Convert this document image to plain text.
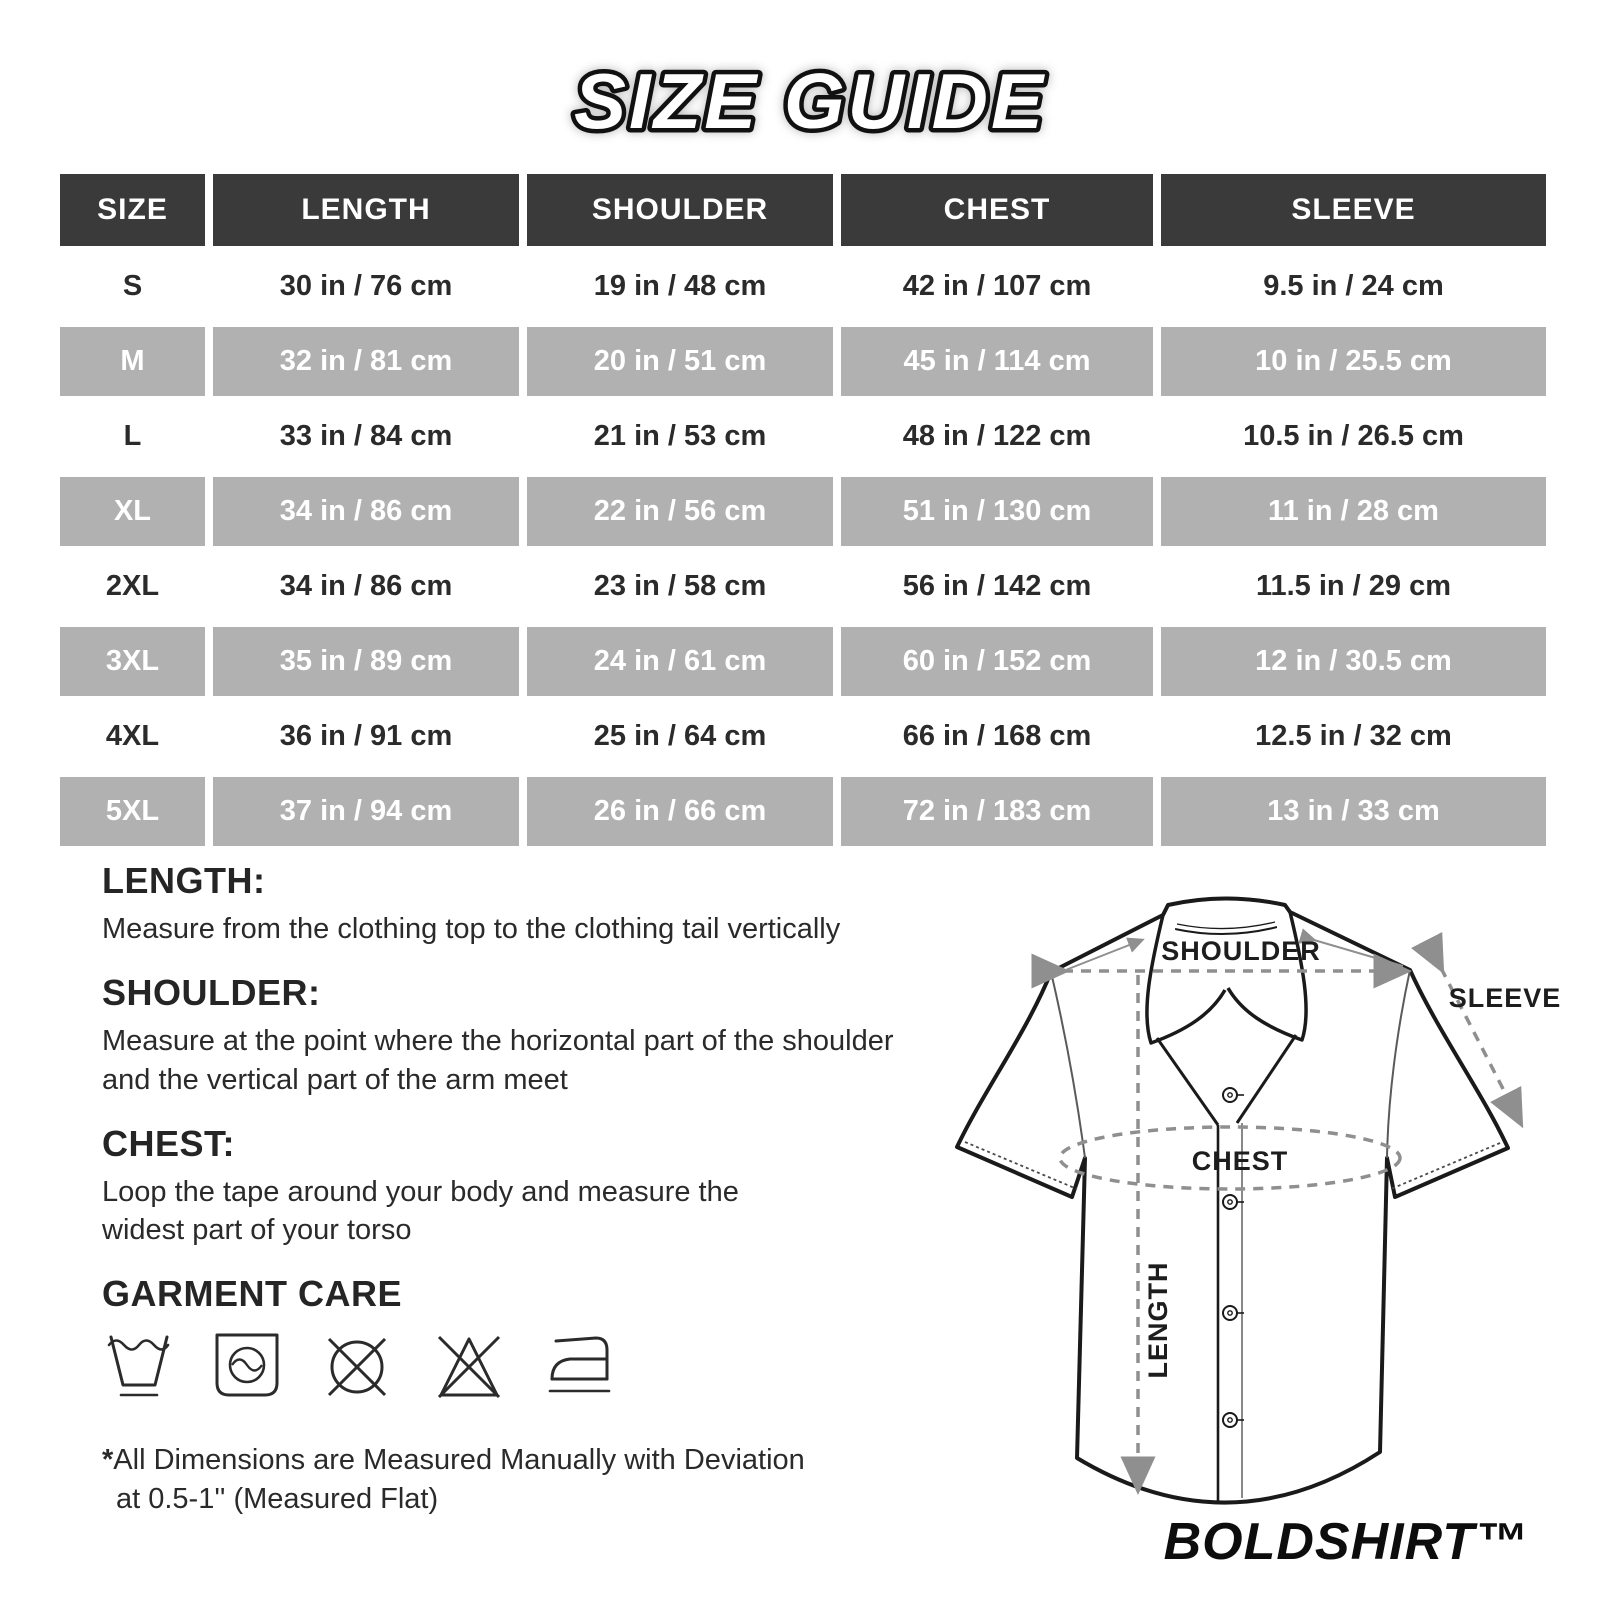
SIZE GUIDE
SIZE	LENGTH	SHOULDER	CHEST	SLEEVE
S	30 in / 76 cm	19 in / 48 cm	42 in / 107 cm	9.5 in / 24 cm
M	32 in / 81 cm	20 in / 51 cm	45 in / 114 cm	10 in / 25.5 cm
L	33 in / 84 cm	21 in / 53 cm	48 in / 122 cm	10.5 in / 26.5 cm
XL	34 in / 86 cm	22 in / 56 cm	51 in / 130 cm	11 in / 28 cm
2XL	34 in / 86 cm	23 in / 58 cm	56 in / 142 cm	11.5 in / 29 cm
3XL	35 in / 89 cm	24 in / 61 cm	60 in / 152 cm	12 in / 30.5 cm
4XL	36 in / 91 cm	25 in / 64 cm	66 in / 168 cm	12.5 in / 32 cm
5XL	37 in / 94 cm	26 in / 66 cm	72 in / 183 cm	13 in / 33 cm
LENGTH:

Measure from the clothing top to the clothing tail vertically

SHOULDER:

Measure at the point where the horizontal part of the shoulder and the vertical part of the arm meet

CHEST:

Loop the tape around your body and measure the widest part of your torso

GARMENT CARE

*All Dimensions are Measured Manually with Deviation
at 0.5-1'' (Measured Flat)

SHOULDER
SLEEVE
CHEST
LENGTH
BOLDSHIRT™
